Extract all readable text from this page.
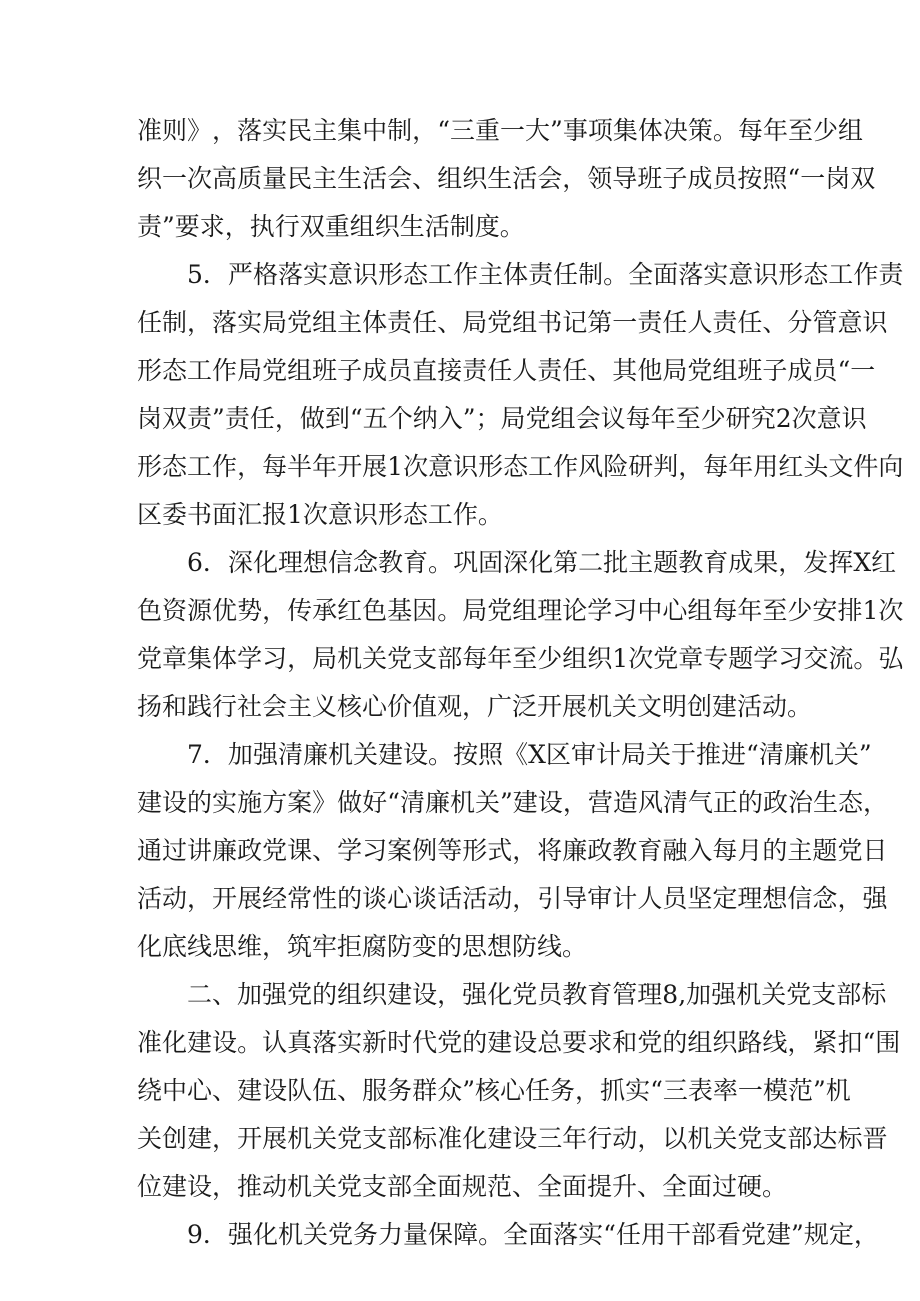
准 则 》 ， 落 实 民 主 集 中 制 ， “ 三 重 一 大 ” 事 项 集 体 决 策 。 每 年 至 少 组
织 一 次 高 质 量 民 主 生 活 会 、 组 织 生 活 会 ， 领 导 班 子 成 员 按 照 “ 一 岗 双
责”要求，执行双重组织生活制度。
5 ． 严 格 落 实 意 识 形 态 工 作 主 体 责 任 制 。 全 面 落 实 意 识 形 态 工 作 责
任 制 ， 落 实 局 党 组 主 体 责 任 、 局 党 组 书 记 第 一 责 任 人 责 任 、 分 管 意 识
形 态 工 作 局 党 组 班 子 成 员 直 接 责 任 人 责 任 、 其 他 局 党 组 班 子 成 员 “ 一
岗 双 责 ” 责 任 ， 做 到 “ 五 个 纳 入 ” ； 局 党 组 会 议 每 年 至 少 研 究 2 次 意 识
形 态 工 作 ， 每 半 年 开 展 1 次 意 识 形 态 工 作 风 险 研 判 ， 每 年 用 红 头 文 件 向
区委书面汇报1次意识形态工作。
6 ． 深 化 理 想 信 念 教 育 。 巩 固 深 化 第 二 批 主 题 教 育 成 果 ， 发 挥 X 红
色 资 源 优 势 ， 传 承 红 色 基 因 。 局 党 组 理 论 学 习 中 心 组 每 年 至 少 安 排 1 次
党 章 集 体 学 习 ， 局 机 关 党 支 部 每 年 至 少 组 织 1 次 党 章 专 题 学 习 交 流 。 弘
扬和践行社会主义核心价值观，广泛开展机关文明创建活动。
7 ． 加 强 清 廉 机 关 建 设 。 按 照 《 X 区 审 计 局 关 于 推 进 “ 清 廉 机 关 ”
建 设 的 实 施 方 案 》 做 好 “ 清 廉 机 关 ” 建 设 ， 营 造 风 清 气 正 的 政 治 生 态 ，
通 过 讲 廉 政 党 课 、 学 习 案 例 等 形 式 ， 将 廉 政 教 育 融 入 每 月 的 主 题 党 日
活 动 ， 开 展 经 常 性 的 谈 心 谈 话 活 动 ， 引 导 审 计 人 员 坚 定 理 想 信 念 ， 强
化底线思维，筑牢拒腐防变的思想防线。
二 、 加 强 党 的 组 织 建 设 ， 强 化 党 员 教 育 管 理 8 , 加 强 机 关 党 支 部 标
准 化 建 设 。 认 真 落 实 新 时 代 党 的 建 设 总 要 求 和 党 的 组 织 路 线 ， 紧 扣 “ 围
绕 中 心 、 建 设 队 伍 、 服 务 群 众 ” 核 心 任 务 ， 抓 实 “ 三 表 率 一 模 范 ” 机
关 创 建 ， 开 展 机 关 党 支 部 标 准 化 建 设 三 年 行 动 ， 以 机 关 党 支 部 达 标 晋
位建设，推动机关党支部全面规范、全面提升、全面过硬。
9 ． 强 化 机 关 党 务 力 量 保 障 。 全 面 落 实 “ 任 用 干 部 看 党 建 ” 规 定 ，
